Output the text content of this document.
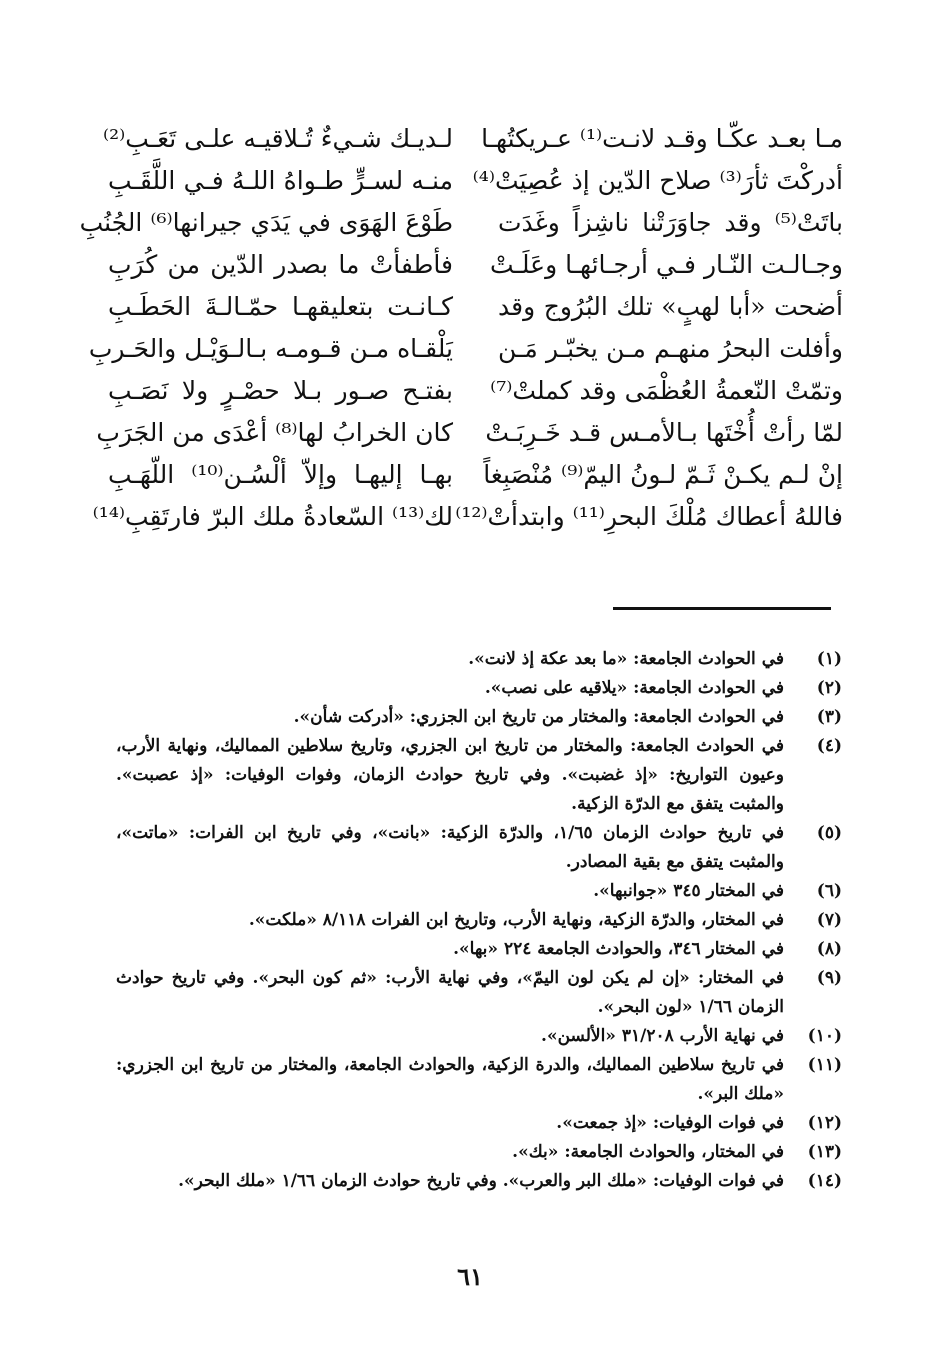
مـا بعـد عكّـا وقـد لانـت⁽¹⁾ عـريكتُهـا
لـديـك شـيءٌ تُـلاقيـه علـى تَعَـبِ⁽²⁾
أدركْتَ ثأرَ⁽³⁾ صلاح الدّين إذ عُصِيَتْ⁽⁴⁾
منـه لسـرٍّ طـواهُ اللـهُ فـي اللَّقَـبِ
باتَتْ⁽⁵⁾ وقد جاوَرَتْنا ناشِزاً وغَدَت
طَوْعَ الهَوَى في يَدَي جيرانها⁽⁶⁾ الجُنُبِ
وجـالـت النّـار فـي أرجـائهـا وعَلَـتْ
فأطفأتْ ما بصدر الدّين من كُرَبِ
أضحت «أبا لهبٍ» تلك البُرُوج وقد
كـانـت بتعليقهـا حمّـالـةَ الحَطَـبِ
وأفلت البحرُ منهـم مـن يخبّـر مَـن
يَلْقـاه مـن قـومـه بـالـوَيْـل والحَـربِ
وتمّتْ النّعمةُ العُظْمَى وقد كملتْ⁽⁷⁾
بفتـح صـور بـلا حصْـرٍ ولا نَصَـبِ
لمّا رأتْ أُخْتَها بـالأمـس قـد خَـرِبَـتْ
كان الخرابُ لها⁽⁸⁾ أعْدَى من الجَرَبِ
إنْ لـم يكـنْ ثَـمّ لـونُ اليمّ⁽⁹⁾ مُنْصَبِغاً
بهـا إليهـا وإلاّ ألْسُـن⁽¹⁰⁾ اللّهَـبِ
فاللهُ أعطاك مُلْكَ البحرِ⁽¹¹⁾ وابتدأتْ⁽¹²⁾
لك⁽¹³⁾ السّعادةُ ملك البرّ فارتَقِبِ⁽¹⁴⁾
(١)
في الحوادث الجامعة: «ما بعد عكة إذ لانت».
(٢)
في الحوادث الجامعة: «يلاقيه على نصب».
(٣)
في الحوادث الجامعة: والمختار من تاريخ ابن الجزري: «أدركت شأن».
(٤)
في الحوادث الجامعة: والمختار من تاريخ ابن الجزري، وتاريخ سلاطين المماليك، ونهاية الأرب، وعيون التواريخ: «إذ غضبت». وفي تاريخ حوادث الزمان، وفوات الوفيات: «إذ عصبت». والمثبت يتفق مع الدرّة الزكية.
(٥)
في تاريخ حوادث الزمان ١/٦٥، والدرّة الزكية: «بانت»، وفي تاريخ ابن الفرات: «ماتت»، والمثبت يتفق مع بقية المصادر.
(٦)
في المختار ٣٤٥ «جوانبها».
(٧)
في المختار، والدرّة الزكية، ونهاية الأرب، وتاريخ ابن الفرات ٨/١١٨ «ملكت».
(٨)
في المختار ٣٤٦، والحوادث الجامعة ٢٢٤ «بها».
(٩)
في المختار: «إن لم يكن لون اليمّ»، وفي نهاية الأرب: «ثم كون البحر». وفي تاريخ حوادث الزمان ١/٦٦ «لون البحر».
(١٠)
في نهاية الأرب ٣١/٢٠٨ «الألسن».
(١١)
في تاريخ سلاطين المماليك، والدرة الزكية، والحوادث الجامعة، والمختار من تاريخ ابن الجزري: «ملك البر».
(١٢)
في فوات الوفيات: «إذ جمعت».
(١٣)
في المختار، والحوادث الجامعة: «بك».
(١٤)
في فوات الوفيات: «ملك البر والعرب». وفي تاريخ حوادث الزمان ١/٦٦ «ملك البحر».
٦١
